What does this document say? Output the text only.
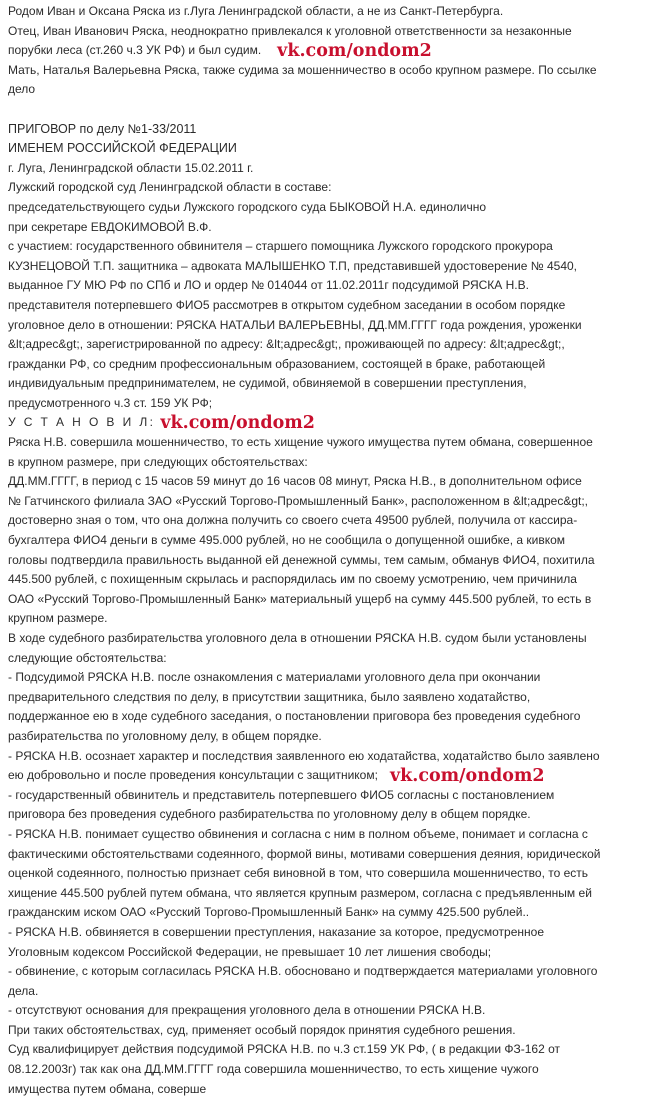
Родом Иван и Оксана Ряска из г.Луга Ленинградской области, а не из Санкт-Петербурга.
Отец, Иван Иванович Ряска, неоднократно привлекался к уголовной ответственности за незаконные
порубки леса (ст.260 ч.3 УК РФ) и был судим. vk.com/ondom2
Мать, Наталья Валерьевна Ряска, также судима за мошенничество в особо крупном размере. По ссылке
дело
ПРИГОВОР по делу №1-33/2011
ИМЕНЕМ РОССИЙСКОЙ ФЕДЕРАЦИИ
г. Луга, Ленинградской области 15.02.2011 г.
Лужский городской суд Ленинградской области в составе:
председательствующего судьи Лужского городского суда БЫКОВОЙ Н.А. единолично
при секретаре ЕВДОКИМОВОЙ В.Ф.
с участием: государственного обвинителя – старшего помощника Лужского городского прокурора
КУЗНЕЦОВОЙ Т.П. защитника – адвоката МАЛЫШЕНКО Т.П, представившей удостоверение № 4540,
выданное ГУ МЮ РФ по СПб и ЛО и ордер № 014044 от 11.02.2011г подсудимой РЯСКА Н.В.
представителя потерпевшего ФИО5 рассмотрев в открытом судебном заседании в особом порядке
уголовное дело в отношении: РЯСКА НАТАЛЬИ ВАЛЕРЬЕВНЫ, ДД.ММ.ГГГГ года рождения, уроженки
&lt;адрес&gt;, зарегистрированной по адресу: &lt;адрес&gt;, проживающей по адресу: &lt;адрес&gt;,
гражданки РФ, со средним профессиональным образованием, состоящей в браке, работающей
индивидуальным предпринимателем, не судимой, обвиняемой в совершении преступления,
предусмотренного ч.3 ст. 159 УК РФ;
У С Т А Н О В И Л: vk.com/ondom2
Ряска Н.В. совершила мошенничество, то есть хищение чужого имущества путем обмана, совершенное
в крупном размере, при следующих обстоятельствах:
ДД.ММ.ГГГГ, в период с 15 часов 59 минут до 16 часов 08 минут, Ряска Н.В., в дополнительном офисе
№ Гатчинского филиала ЗАО «Русский Торгово-Промышленный Банк», расположенном в &lt;адрес&gt;,
достоверно зная о том, что она должна получить со своего счета 49500 рублей, получила от кассира-
бухгалтера ФИО4 деньги в сумме 495.000 рублей, но не сообщила о допущенной ошибке, а кивком
головы подтвердила правильность выданной ей денежной суммы, тем самым, обманув ФИО4, похитила
445.500 рублей, с похищенным скрылась и распорядилась им по своему усмотрению, чем причинила
ОАО «Русский Торгово-Промышленный Банк» материальный ущерб на сумму 445.500 рублей, то есть в
крупном размере.
В ходе судебного разбирательства уголовного дела в отношении РЯСКА Н.В. судом были установлены
следующие обстоятельства:
- Подсудимой РЯСКА Н.В. после ознакомления с материалами уголовного дела при окончании
предварительного следствия по делу, в присутствии защитника, было заявлено ходатайство,
поддержанное ею в ходе судебного заседания, о постановлении приговора без проведения судебного
разбирательства по уголовному делу, в общем порядке.
- РЯСКА Н.В. осознает характер и последствия заявленного ею ходатайства, ходатайство было заявлено
ею добровольно и после проведения консультации с защитником; vk.com/ondom2
- государственный обвинитель и представитель потерпевшего ФИО5 согласны с постановлением
приговора без проведения судебного разбирательства по уголовному делу в общем порядке.
- РЯСКА Н.В. понимает существо обвинения и согласна с ним в полном объеме, понимает и согласна с
фактическими обстоятельствами содеянного, формой вины, мотивами совершения деяния, юридической
оценкой содеянного, полностью признает себя виновной в том, что совершила мошенничество, то есть
хищение 445.500 рублей путем обмана, что является крупным размером, согласна с предъявленным ей
гражданским иском ОАО «Русский Торгово-Промышленный Банк» на сумму 425.500 рублей..
- РЯСКА Н.В. обвиняется в совершении преступления, наказание за которое, предусмотренное
Уголовным кодексом Российской Федерации, не превышает 10 лет лишения свободы;
- обвинение, с которым согласилась РЯСКА Н.В. обосновано и подтверждается материалами уголовного
дела.
- отсутствуют основания для прекращения уголовного дела в отношении РЯСКА Н.В.
При таких обстоятельствах, суд, применяет особый порядок принятия судебного решения.
Суд квалифицирует действия подсудимой РЯСКА Н.В. по ч.3 ст.159 УК РФ, ( в редакции ФЗ-162 от
08.12.2003г) так как она ДД.ММ.ГГГГ года совершила мошенничество, то есть хищение чужого
имущества путем обмана, соверше
